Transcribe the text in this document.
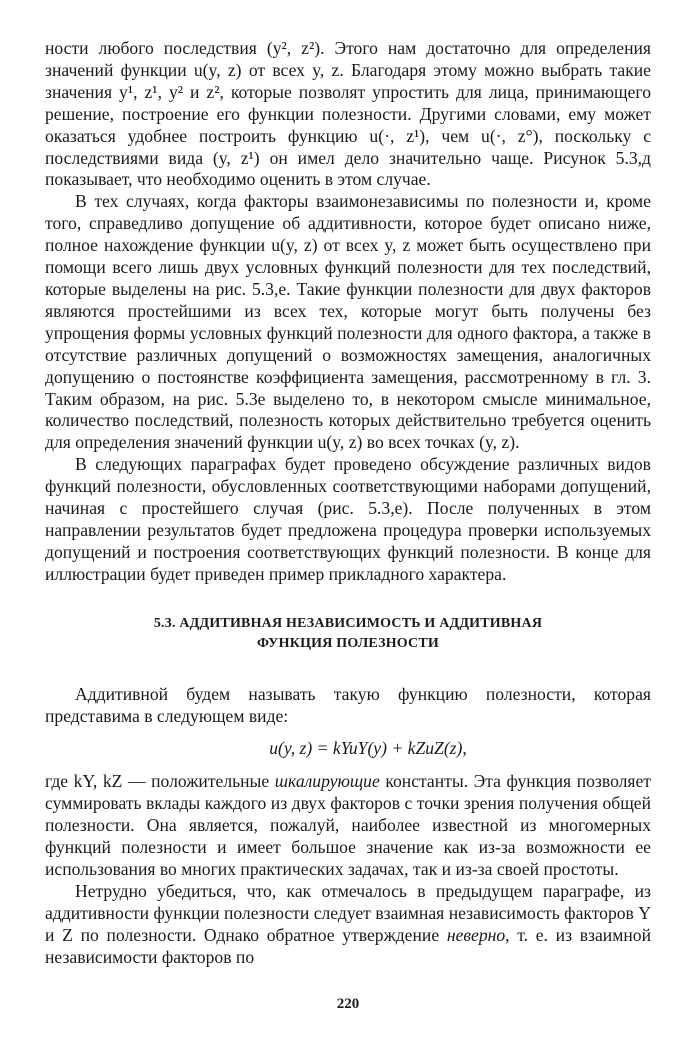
ности любого последствия (y², z²). Этого нам достаточно для определения значений функции u(y, z) от всех y, z. Благодаря этому можно выбрать такие значения y¹, z¹, y² и z², которые позволят упростить для лица, принимающего решение, построение его функции полезности. Другими словами, ему может оказаться удобнее построить функцию u(·, z¹), чем u(·, z°), поскольку с последствиями вида (y, z¹) он имел дело значительно чаще. Рисунок 5.3,д показывает, что необходимо оценить в этом случае.

В тех случаях, когда факторы взаимонезависимы по полезности и, кроме того, справедливо допущение об аддитивности, которое будет описано ниже, полное нахождение функции u(y, z) от всех y, z может быть осуществлено при помощи всего лишь двух условных функций полезности для тех последствий, которые выделены на рис. 5.3,е. Такие функции полезности для двух факторов являются простейшими из всех тех, которые могут быть получены без упрощения формы условных функций полезности для одного фактора, а также в отсутствие различных допущений о возможностях замещения, аналогичных допущению о постоянстве коэффициента замещения, рассмотренному в гл. 3. Таким образом, на рис. 5.3е выделено то, в некотором смысле минимальное, количество последствий, полезность которых действительно требуется оценить для определения значений функции u(y, z) во всех точках (y, z).

В следующих параграфах будет проведено обсуждение различных видов функций полезности, обусловленных соответствующими наборами допущений, начиная с простейшего случая (рис. 5.3,е). После полученных в этом направлении результатов будет предложена процедура проверки используемых допущений и построения соответствующих функций полезности. В конце для иллюстрации будет приведен пример прикладного характера.

5.3. АДДИТИВНАЯ НЕЗАВИСИМОСТЬ И АДДИТИВНАЯ
ФУНКЦИЯ ПОЛЕЗНОСТИ

Аддитивной будем называть такую функцию полезности, которая представима в следующем виде:

u(y, z) = kYuY(y) + kZuZ(z),

где kY, kZ — положительные шкалирующие константы. Эта функция позволяет суммировать вклады каждого из двух факторов с точки зрения получения общей полезности. Она является, пожалуй, наиболее известной из многомерных функций полезности и имеет большое значение как из-за возможности ее использования во многих практических задачах, так и из-за своей простоты.

Нетрудно убедиться, что, как отмечалось в предыдущем параграфе, из аддитивности функции полезности следует взаимная независимость факторов Y и Z по полезности. Однако обратное утверждение неверно, т. е. из взаимной независимости факторов по

220
